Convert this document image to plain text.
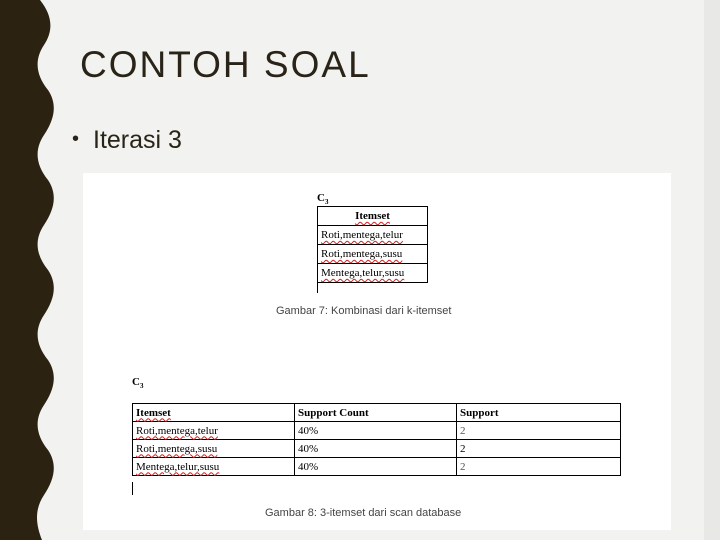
CONTOH SOAL
• Iterasi 3
$C_3$
Itemset
Roti,mentega,telur
Roti,mentega,susu
Mentega,telur,susu
Gambar 7: Kombinasi dari k-itemset
$C_3$
Itemset	Support Count	Support
Roti,mentega,telur	40%	2
Roti,mentega,susu	40%	2
Mentega,telur,susu	40%	2
Gambar 8: 3-itemset dari scan database
